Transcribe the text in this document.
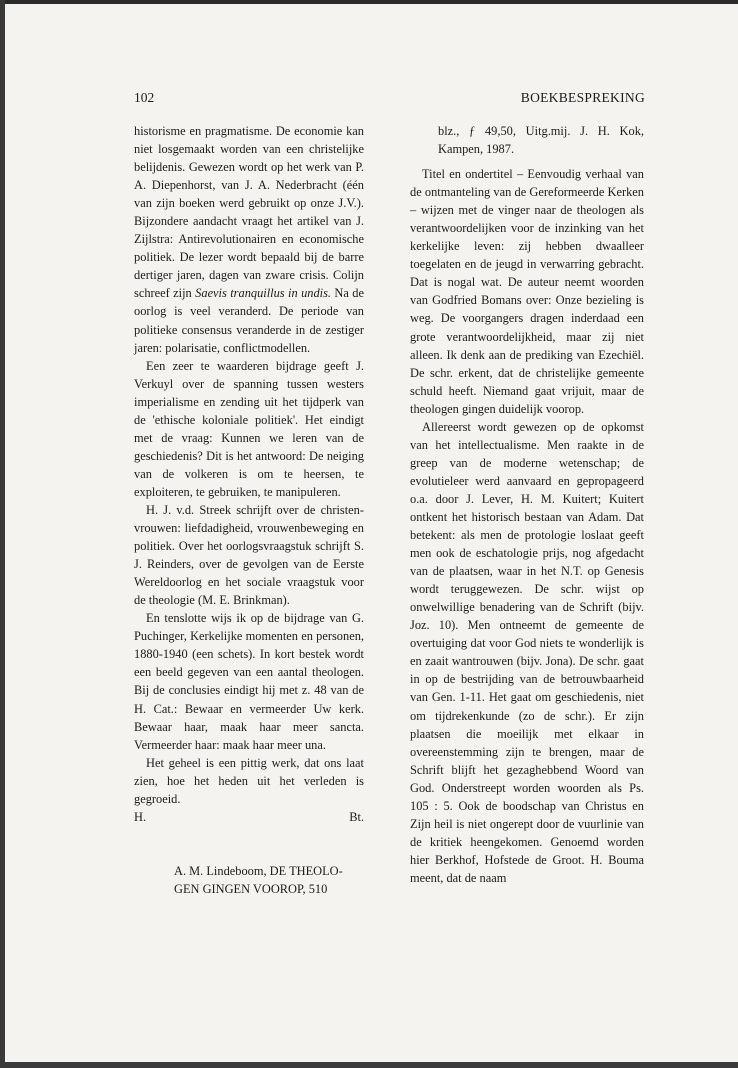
102	BOEKBESPREKING

historisme en pragmatisme. De economie kan niet losgemaakt worden van een christelijke belijdenis. Gewezen wordt op het werk van P. A. Diepenhorst, van J. A. Nederbracht (één van zijn boeken werd gebruikt op onze J.V.). Bijzondere aandacht vraagt het artikel van J. Zijlstra: Antirevolutionairen en economische politiek. De lezer wordt bepaald bij de barre dertiger jaren, dagen van zware crisis. Colijn schreef zijn Saevis tranquillus in undis. Na de oorlog is veel veranderd. De periode van politieke consensus veranderde in de zestiger jaren: polarisatie, conflictmodellen.

Een zeer te waarderen bijdrage geeft J. Verkuyl over de spanning tussen westers imperialisme en zending uit het tijdperk van de 'ethische koloniale politiek'. Het eindigt met de vraag: Kunnen we leren van de geschiedenis? Dit is het antwoord: De neiging van de volkeren is om te heersen, te exploiteren, te gebruiken, te manipuleren.

H. J. v.d. Streek schrijft over de christen-vrouwen: liefdadigheid, vrouwenbeweging en politiek. Over het oorlogsvraagstuk schrijft S. J. Reinders, over de gevolgen van de Eerste Wereldoorlog en het sociale vraagstuk voor de theologie (M. E. Brinkman).

En tenslotte wijs ik op de bijdrage van G. Puchinger, Kerkelijke momenten en personen, 1880-1940 (een schets). In kort bestek wordt een beeld gegeven van een aantal theologen. Bij de conclusies eindigt hij met z. 48 van de H. Cat.: Bewaar en vermeerder Uw kerk. Bewaar haar, maak haar meer sancta. Vermeerder haar: maak haar meer una.

Het geheel is een pittig werk, dat ons laat zien, hoe het heden uit het verleden is gegroeid.

H.	Bt.

A. M. Lindeboom, DE THEOLO-

GEN GINGEN VOOROP, 510

blz., ƒ 49,50, Uitg.mij. J. H. Kok, Kampen, 1987.

Titel en ondertitel – Eenvoudig verhaal van de ontmanteling van de Gereformeerde Kerken – wijzen met de vinger naar de theologen als verantwoordelijken voor de inzinking van het kerkelijke leven: zij hebben dwaalleer toegelaten en de jeugd in verwarring gebracht. Dat is nogal wat. De auteur neemt woorden van Godfried Bomans over: Onze bezieling is weg. De voorgangers dragen inderdaad een grote verantwoordelijkheid, maar zij niet alleen. Ik denk aan de prediking van Ezechiël. De schr. erkent, dat de christelijke gemeente schuld heeft. Niemand gaat vrijuit, maar de theologen gingen duidelijk voorop.

Allereerst wordt gewezen op de opkomst van het intellectualisme. Men raakte in de greep van de moderne wetenschap; de evolutieleer werd aanvaard en gepropageerd o.a. door J. Lever, H. M. Kuitert; Kuitert ontkent het historisch bestaan van Adam. Dat betekent: als men de protologie loslaat geeft men ook de eschatologie prijs, nog afgedacht van de plaatsen, waar in het N.T. op Genesis wordt teruggewezen. De schr. wijst op onwelwillige benadering van de Schrift (bijv. Joz. 10). Men ontneemt de gemeente de overtuiging dat voor God niets te wonderlijk is en zaait wantrouwen (bijv. Jona). De schr. gaat in op de bestrijding van de betrouwbaarheid van Gen. 1-11. Het gaat om geschiedenis, niet om tijdrekenkunde (zo de schr.). Er zijn plaatsen die moeilijk met elkaar in overeenstemming zijn te brengen, maar de Schrift blijft het gezaghebbend Woord van God. Onderstreept worden woorden als Ps. 105 : 5. Ook de boodschap van Christus en Zijn heil is niet ongerept door de vuurlinie van de kritiek heengekomen. Genoemd worden hier Berkhof, Hofstede de Groot. H. Bouma meent, dat de naam
